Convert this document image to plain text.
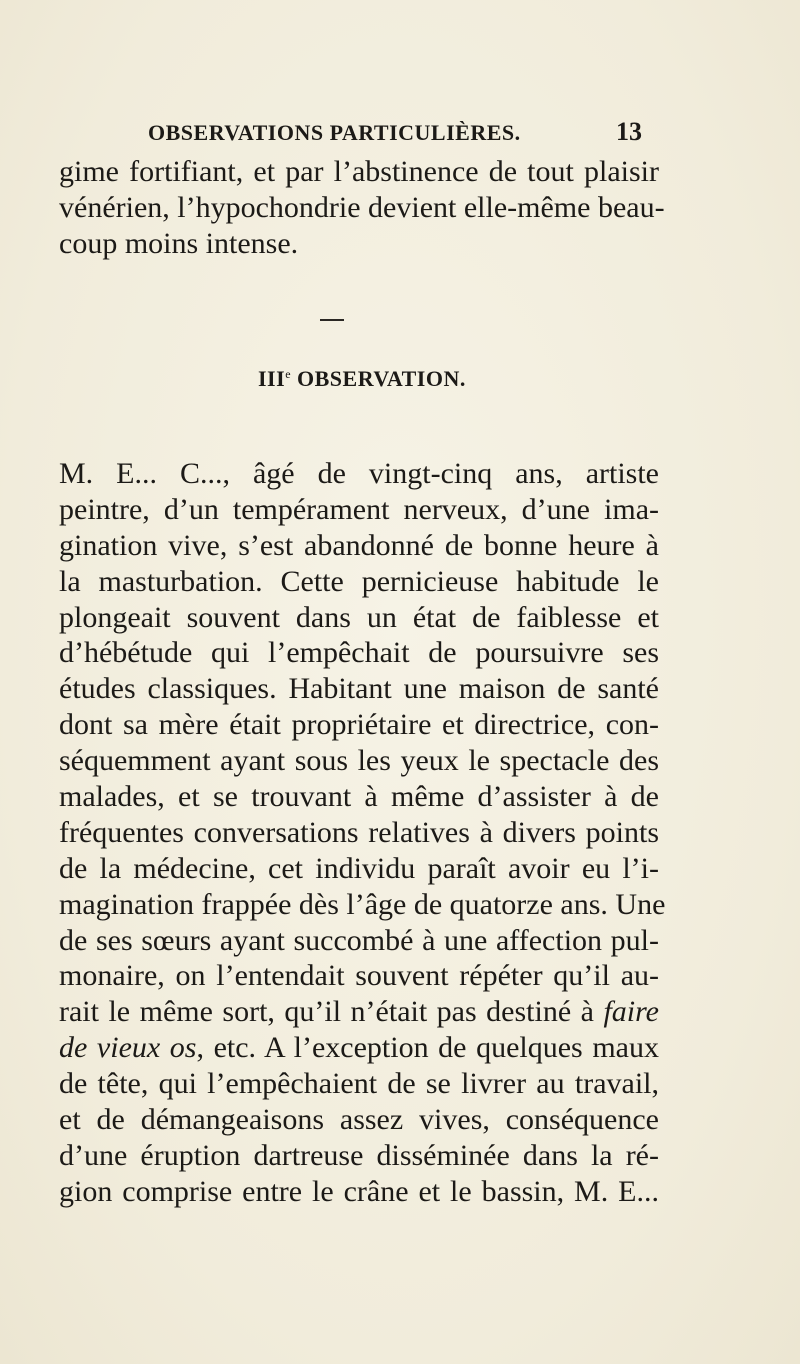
OBSERVATIONS PARTICULIÈRES.	13
gime fortifiant, et par l’abstinence de tout plaisir
vénérien, l’hypochondrie devient elle-même beau-
coup moins intense.
IIIe OBSERVATION.
M. E... C..., âgé de vingt-cinq ans, artiste
peintre, d’un tempérament nerveux, d’une ima-
gination vive, s’est abandonné de bonne heure à
la masturbation. Cette pernicieuse habitude le
plongeait souvent dans un état de faiblesse et
d’hébétude qui l’empêchait de poursuivre ses
études classiques. Habitant une maison de santé
dont sa mère était propriétaire et directrice, con-
séquemment ayant sous les yeux le spectacle des
malades, et se trouvant à même d’assister à de
fréquentes conversations relatives à divers points
de la médecine, cet individu paraît avoir eu l’i-
magination frappée dès l’âge de quatorze ans. Une
de ses sœurs ayant succombé à une affection pul-
monaire, on l’entendait souvent répéter qu’il au-
rait le même sort, qu’il n’était pas destiné à faire
de vieux os, etc. A l’exception de quelques maux
de tête, qui l’empêchaient de se livrer au travail,
et de démangeaisons assez vives, conséquence
d’une éruption dartreuse disséminée dans la ré-
gion comprise entre le crâne et le bassin, M. E...
